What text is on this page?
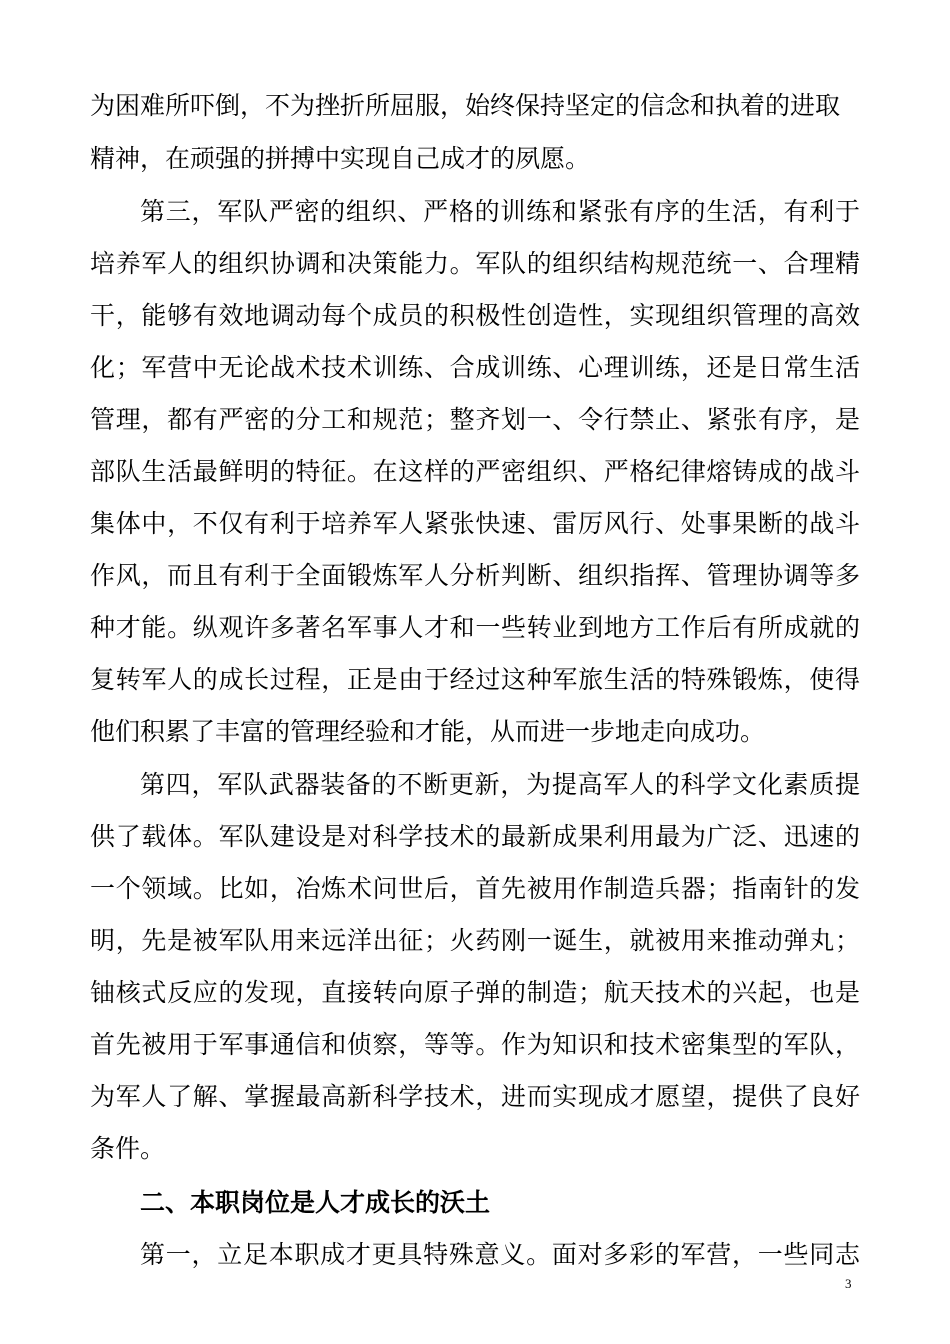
为困难所吓倒，不为挫折所屈服，始终保持坚定的信念和执着的进取
精神，在顽强的拼搏中实现自己成才的夙愿。
第三，军队严密的组织、严格的训练和紧张有序的生活，有利于
培养军人的组织协调和决策能力。军队的组织结构规范统一、合理精
干，能够有效地调动每个成员的积极性创造性，实现组织管理的高效
化；军营中无论战术技术训练、合成训练、心理训练，还是日常生活
管理，都有严密的分工和规范；整齐划一、令行禁止、紧张有序，是
部队生活最鲜明的特征。在这样的严密组织、严格纪律熔铸成的战斗
集体中，不仅有利于培养军人紧张快速、雷厉风行、处事果断的战斗
作风，而且有利于全面锻炼军人分析判断、组织指挥、管理协调等多
种才能。纵观许多著名军事人才和一些转业到地方工作后有所成就的
复转军人的成长过程，正是由于经过这种军旅生活的特殊锻炼，使得
他们积累了丰富的管理经验和才能，从而进一步地走向成功。
第四，军队武器装备的不断更新，为提高军人的科学文化素质提
供了载体。军队建设是对科学技术的最新成果利用最为广泛、迅速的
一个领域。比如，冶炼术问世后，首先被用作制造兵器；指南针的发
明，先是被军队用来远洋出征；火药刚一诞生，就被用来推动弹丸；
铀核式反应的发现，直接转向原子弹的制造；航天技术的兴起，也是
首先被用于军事通信和侦察，等等。作为知识和技术密集型的军队，
为军人了解、掌握最高新科学技术，进而实现成才愿望，提供了良好
条件。
二、本职岗位是人才成长的沃土
第一，立足本职成才更具特殊意义。面对多彩的军营，一些同志
3
